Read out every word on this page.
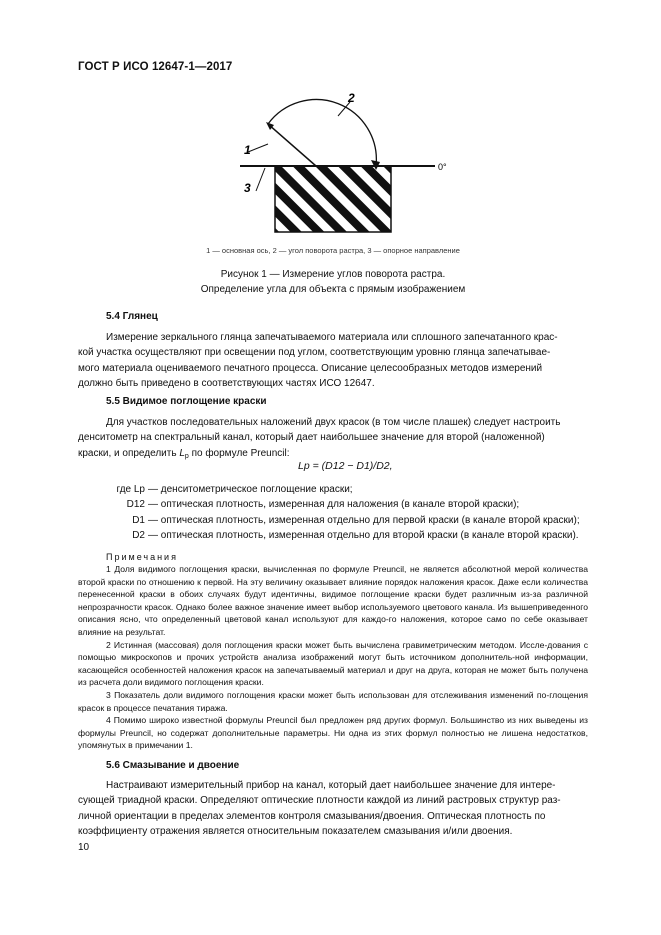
ГОСТ Р ИСО 12647-1—2017
1
2
3
0°
1 — основная ось, 2 — угол поворота растра, 3 — опорное направление
Рисунок 1 — Измерение углов поворота растра.
Определение угла для объекта с прямым изображением
5.4 Глянец
Измерение зеркального глянца запечатываемого материала или сплошного запечатанного крас-
кой участка осуществляют при освещении под углом, соответствующим уровню глянца запечатывае-
мого материала оцениваемого печатного процесса. Описание целесообразных методов измерений
должно быть приведено в соответствующих частях ИСО 12647.
5.5 Видимое поглощение краски
Для участков последовательных наложений двух красок (в том числе плашек) следует настроить
денситометр на спектральный канал, который дает наибольшее значение для второй (наложенной)
краски, и определить $L_p$ по формуле Preuncil:
Lp = (D12 − D1)/D2,
где Lp — денситометрическое поглощение краски;
D12 — оптическая плотность, измеренная для наложения (в канале второй краски);
D1 — оптическая плотность, измеренная отдельно для первой краски (в канале второй краски);
D2 — оптическая плотность, измеренная отдельно для второй краски (в канале второй краски).
Примечания
1 Доля видимого поглощения краски, вычисленная по формуле Preuncil, не является абсолютной мерой количества второй краски по отношению к первой. На эту величину оказывает влияние порядок наложения красок. Даже если количества перенесенной краски в обоих случаях будут идентичны, видимое поглощение краски будет различным из-за различной непрозрачности красок. Однако более важное значение имеет выбор используемого цветового канала. Из вышеприведенного описания ясно, что определенный цветовой канал используют для каждо-го наложения, которое само по себе оказывает влияние на результат.
2 Истинная (массовая) доля поглощения краски может быть вычислена гравиметрическим методом. Иссле-дования с помощью микроскопов и прочих устройств анализа изображений могут быть источником дополнитель-ной информации, касающейся особенностей наложения красок на запечатываемый материал и друг на друга, которая не может быть получена из расчета доли видимого поглощения краски.
3 Показатель доли видимого поглощения краски может быть использован для отслеживания изменений по-глощения красок в процессе печатания тиража.
4 Помимо широко известной формулы Preuncil был предложен ряд других формул. Большинство из них выведены из формулы Preuncil, но содержат дополнительные параметры. Ни одна из этих формул полностью не лишена недостатков, упомянутых в примечании 1.
5.6 Смазывание и двоение
Настраивают измерительный прибор на канал, который дает наибольшее значение для интере-
сующей триадной краски. Определяют оптические плотности каждой из линий растровых структур раз-
личной ориентации в пределах элементов контроля смазывания/двоения. Оптическая плотность по
коэффициенту отражения является относительным показателем смазывания и/или двоения.
10
